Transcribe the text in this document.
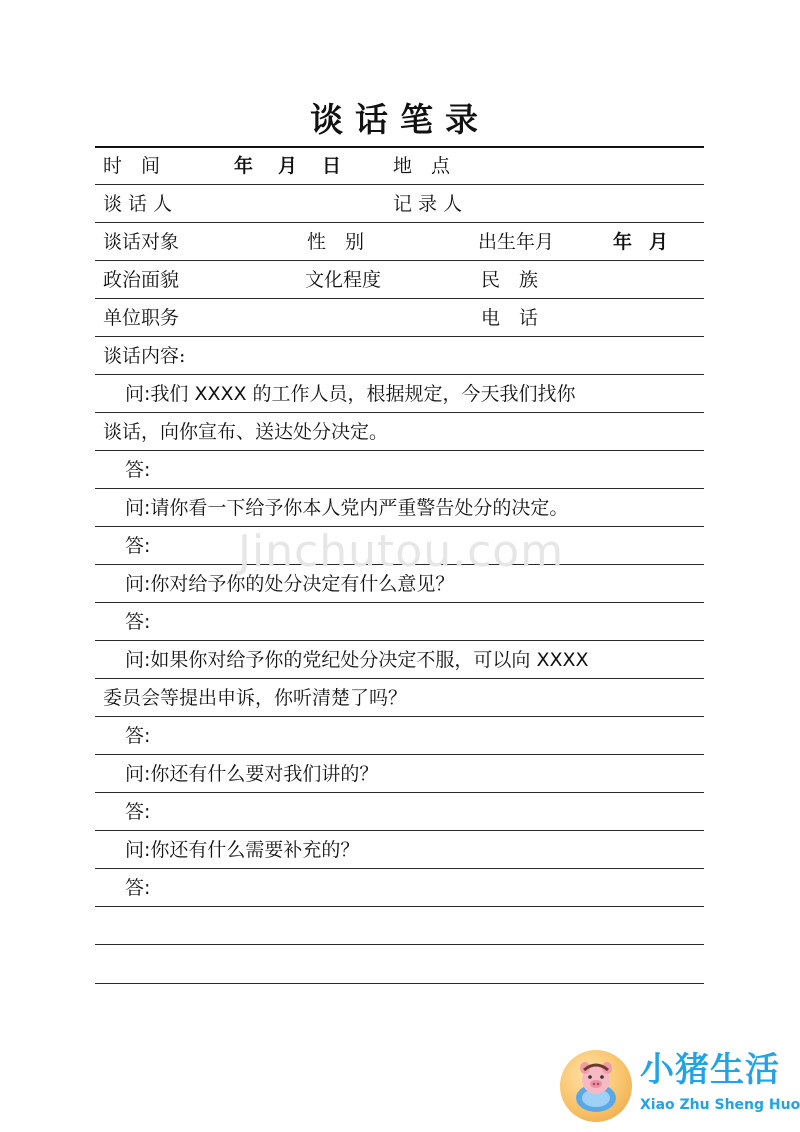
谈话笔录
Jinchutou.com
时　间	年 月 日	地　点
谈话人	记录人
谈话对象	性　别	出生年月	年 月
政治面貌	文化程度	民　族
单位职务	电　话
谈话内容:
问:我们 XXXX 的工作人员，根据规定，今天我们找你
谈话，向你宣布、送达处分决定。
答:
问:请你看一下给予你本人党内严重警告处分的决定。
答:
问:你对给予你的处分决定有什么意见？
答:
问:如果你对给予你的党纪处分决定不服，可以向 XXXX
委员会等提出申诉，你听清楚了吗？
答:
问:你还有什么要对我们讲的？
答:
问:你还有什么需要补充的？
答:
小猪生活
Xiao Zhu Sheng Huo
